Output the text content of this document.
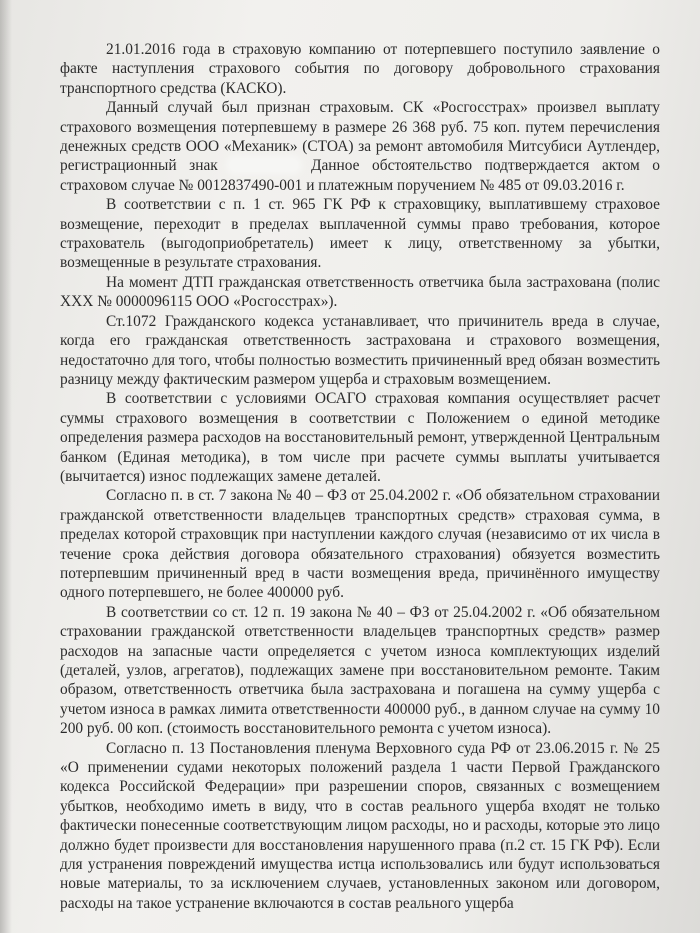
21.01.2016 года в страховую компанию от потерпевшего поступило заявление о факте наступления страхового события по договору добровольного страхования транспортного средства (КАСКО).

Данный случай был признан страховым. СК «Росгосстрах» произвел выплату страхового возмещения потерпевшему в размере 26 368 руб. 75 коп. путем перечисления денежных средств ООО «Механик» (СТОА) за ремонт автомобиля Митсубиси Аутлендер, регистрационный знак	Данное обстоятельство подтверждается актом о страховом случае № 0012837490-001 и платежным поручением № 485 от 09.03.2016 г.

В соответствии с п. 1 ст. 965 ГК РФ к страховщику, выплатившему страховое возмещение, переходит в пределах выплаченной суммы право требования, которое страхователь (выгодоприобретатель) имеет к лицу, ответственному за убытки, возмещенные в результате страхования.

На момент ДТП гражданская ответственность ответчика была застрахована (полис ХХХ № 0000096115 ООО «Росгосстрах»).

Ст.1072 Гражданского кодекса устанавливает, что причинитель вреда в случае, когда его гражданская ответственность застрахована и страхового возмещения, недостаточно для того, чтобы полностью возместить причиненный вред обязан возместить разницу между фактическим размером ущерба и страховым возмещением.

В соответствии с условиями ОСАГО страховая компания осуществляет расчет суммы страхового возмещения в соответствии с Положением о единой методике определения размера расходов на восстановительный ремонт, утвержденной Центральным банком (Единая методика), в том числе при расчете суммы выплаты учитывается (вычитается) износ подлежащих замене деталей.

Согласно п. в ст. 7 закона № 40 – ФЗ от 25.04.2002 г. «Об обязательном страховании гражданской ответственности владельцев транспортных средств» страховая сумма, в пределах которой страховщик при наступлении каждого случая (независимо от их числа в течение срока действия договора обязательного страхования) обязуется возместить потерпевшим причиненный вред в части возмещения вреда, причинённого имуществу одного потерпевшего, не более 400000 руб.

В соответствии со ст. 12 п. 19 закона № 40 – ФЗ от 25.04.2002 г. «Об обязательном страховании гражданской ответственности владельцев транспортных средств» размер расходов на запасные части определяется с учетом износа комплектующих изделий (деталей, узлов, агрегатов), подлежащих замене при восстановительном ремонте. Таким образом, ответственность ответчика была застрахована и погашена на сумму ущерба с учетом износа в рамках лимита ответственности 400000 руб., в данном случае на сумму 10 200 руб. 00 коп. (стоимость восстановительного ремонта с учетом износа).

Согласно п. 13 Постановления пленума Верховного суда РФ от 23.06.2015 г. № 25 «О применении судами некоторых положений раздела 1 части Первой Гражданского кодекса Российской Федерации» при разрешении споров, связанных с возмещением убытков, необходимо иметь в виду, что в состав реального ущерба входят не только фактически понесенные соответствующим лицом расходы, но и расходы, которые это лицо должно будет произвести для восстановления нарушенного права (п.2 ст. 15 ГК РФ). Если для устранения повреждений имущества истца использовались или будут использоваться новые материалы, то за исключением случаев, установленных законом или договором, расходы на такое устранение включаются в состав реального ущерба
